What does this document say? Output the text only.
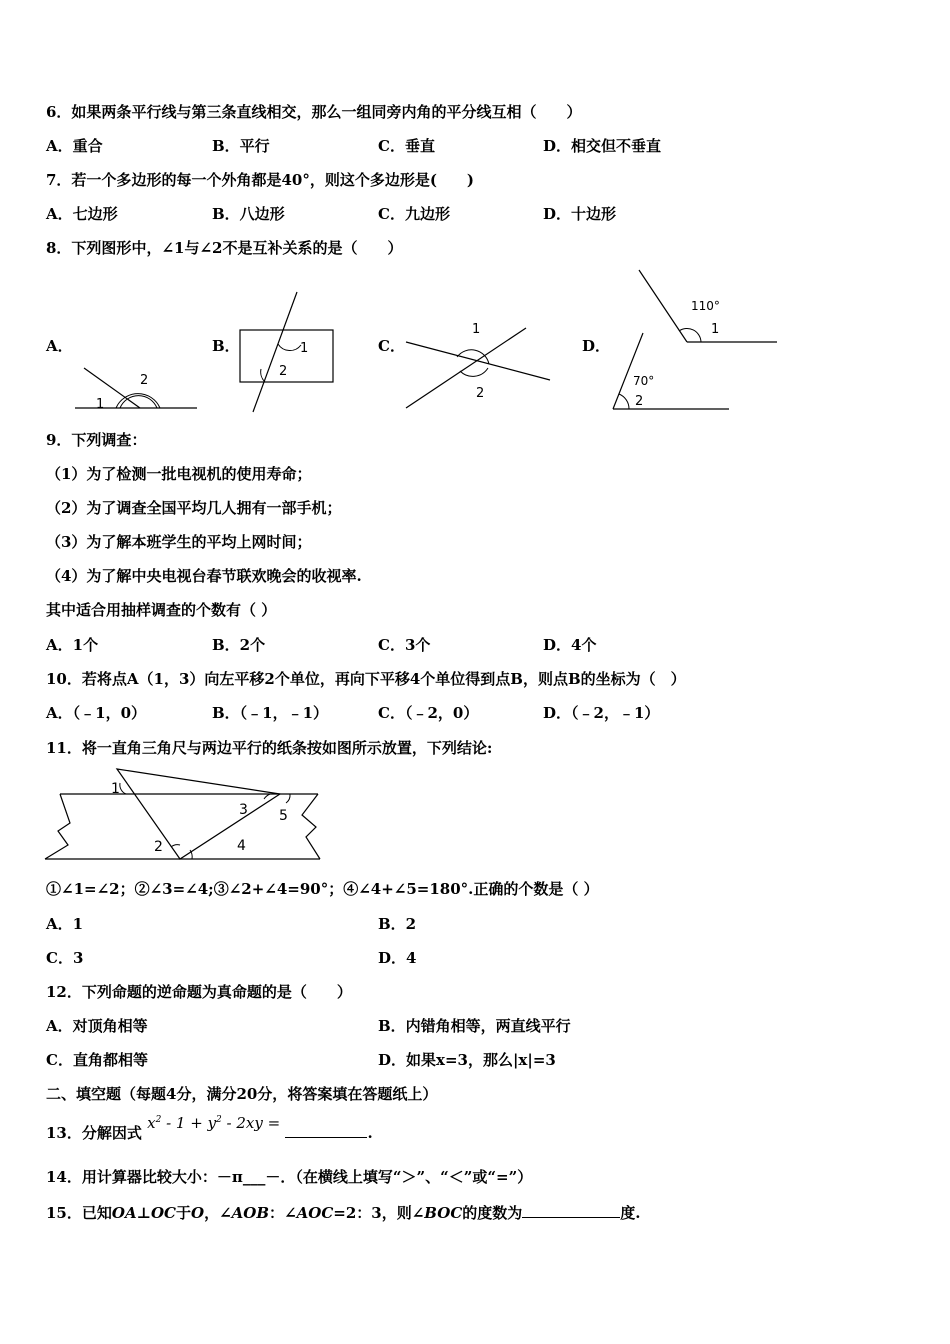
6．如果两条平行线与第三条直线相交，那么一组同旁内角的平分线互相（　　）
A．重合	B．平行	C．垂直	D．相交但不垂直
7．若一个多边形的每一个外角都是40°，则这个多边形是(　　)
A．七边形	B．八边形	C．九边形	D．十边形
8．下列图形中，∠1与∠2不是互补关系的是（　　）
A．	B．	C．	D．
1
2
1
2
1
2
110°
1
70°
2
9．下列调查：
（1）为了检测一批电视机的使用寿命；
（2）为了调查全国平均几人拥有一部手机；
（3）为了解本班学生的平均上网时间；
（4）为了解中央电视台春节联欢晚会的收视率.
其中适合用抽样调查的个数有（ ）
A．1个	B．2个	C．3个	D．4个
10．若将点A（1，3）向左平移2个单位，再向下平移4个单位得到点B，则点B的坐标为（　）
A．（﹣1，0）	B．（﹣1，﹣1）	C．（﹣2，0）	D．（﹣2，﹣1）
11．将一直角三角尺与两边平行的纸条按如图所示放置，下列结论:
1
2
3
4
5
①∠1=∠2；②∠3=∠4;③∠2+∠4=90°；④∠4+∠5=180°.正确的个数是（ ）
A．1	B．2
C．3	D．4
12．下列命题的逆命题为真命题的是（　　）
A．对顶角相等	B．内错角相等，两直线平行
C．直角都相等	D．如果x=3，那么|x|=3
二、填空题（每题4分，满分20分，将答案填在答题纸上）
13．分解因式 $x^2 - 1 + y^2 - 2xy$ = .
14．用计算器比较大小：－π___－．（在横线上填写“＞”、“＜”或“=”）
15．已知OA⊥OC于O，∠AOB：∠AOC=2：3，则∠BOC的度数为	度.
